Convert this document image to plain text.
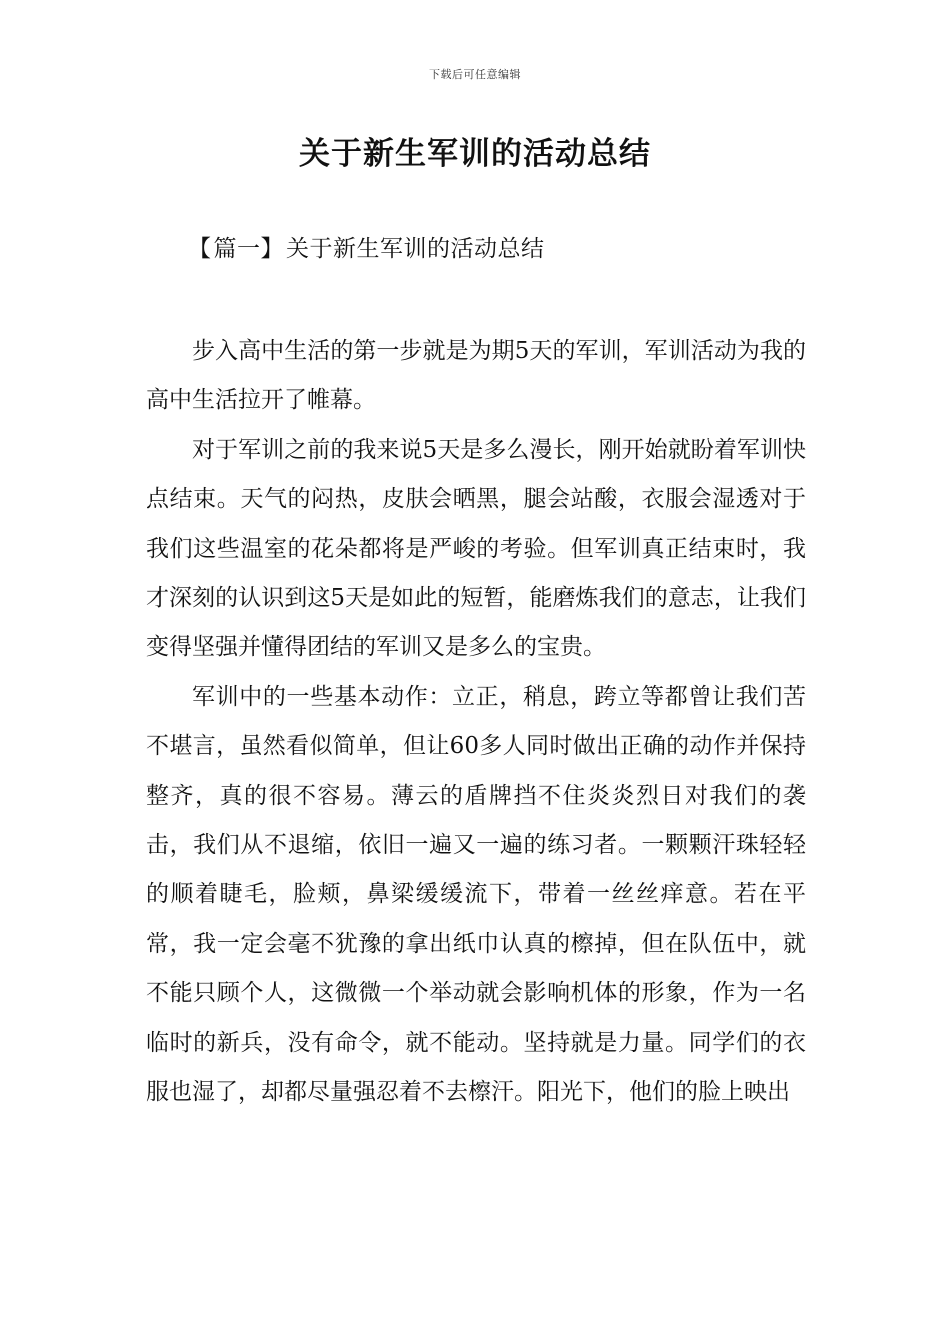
下载后可任意编辑
关于新生军训的活动总结
【篇一】关于新生军训的活动总结

步入高中生活的第一步就是为期5天的军训，军训活动为我的高中生活拉开了帷幕。

对于军训之前的我来说5天是多么漫长，刚开始就盼着军训快点结束。天气的闷热，皮肤会晒黑，腿会站酸，衣服会湿透对于我们这些温室的花朵都将是严峻的考验。但军训真正结束时，我才深刻的认识到这5天是如此的短暂，能磨炼我们的意志，让我们变得坚强并懂得团结的军训又是多么的宝贵。

军训中的一些基本动作：立正，稍息，跨立等都曾让我们苦不堪言，虽然看似简单，但让60多人同时做出正确的动作并保持整齐，真的很不容易。薄云的盾牌挡不住炎炎烈日对我们的袭击，我们从不退缩，依旧一遍又一遍的练习者。一颗颗汗珠轻轻的顺着睫毛，脸颊，鼻梁缓缓流下，带着一丝丝痒意。若在平常，我一定会毫不犹豫的拿出纸巾认真的檫掉，但在队伍中，就不能只顾个人，这微微一个举动就会影响机体的形象，作为一名临时的新兵，没有命令，就不能动。坚持就是力量。同学们的衣服也湿了，却都尽量强忍着不去檫汗。阳光下，他们的脸上映出
